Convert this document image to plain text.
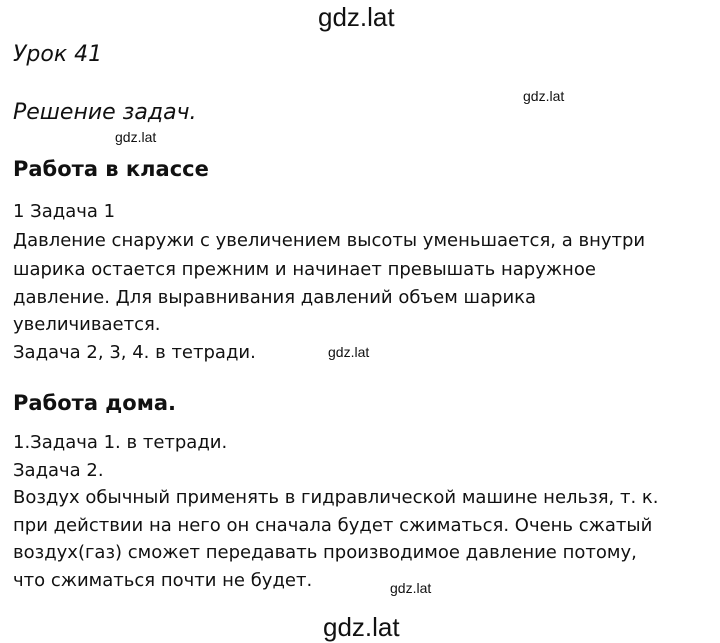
gdz.lat
Урок 41
gdz.lat
Решение задач.
gdz.lat
Работа в классе
1 Задача 1
Давление снаружи с увеличением высоты уменьшается, а внутри
шарика остается прежним и начинает превышать наружное
давление. Для выравнивания давлений объем шарика
увеличивается.
Задача 2, 3, 4. в тетради.	gdz.lat
Работа дома.
1.Задача 1. в тетради.
Задача 2.
Воздух обычный применять в гидравлической машине нельзя, т. к.
при действии на него он сначала будет сжиматься. Очень сжатый
воздух(газ) сможет передавать производимое давление потому,
что сжиматься почти не будет.	gdz.lat
gdz.lat
